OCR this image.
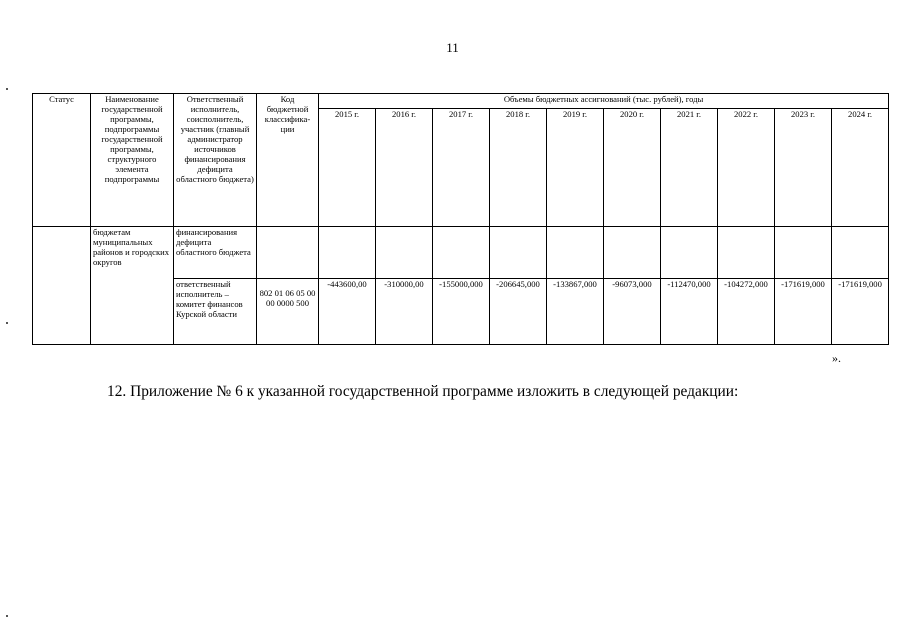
11
Статус	Наименование государственной программы, подпрограммы государственной программы, структурного элемента подпрограммы	Ответственный исполнитель, соисполнитель, участник (главный администратор источников финансирования дефицита областного бюджета)	Код бюджетной классифика-ции	Объемы бюджетных ассигнований (тыс. рублей), годы									
				2015 г.	2016 г.	2017 г.	2018 г.	2019 г.	2020 г.	2021 г.	2022 г.	2023 г.	2024 г.
	бюджетам муниципальных районов и городских округов	финансирования дефицита областного бюджета											
		ответственный исполнитель – комитет финансов Курской области	802 01 06 05 00 00 0000 500	-443600,00	-310000,00	-155000,000	-206645,000	-133867,000	-96073,000	-112470,000	-104272,000	-171619,000	-171619,000
».
12. Приложение № 6 к указанной государственной программе изложить в следующей редакции:
